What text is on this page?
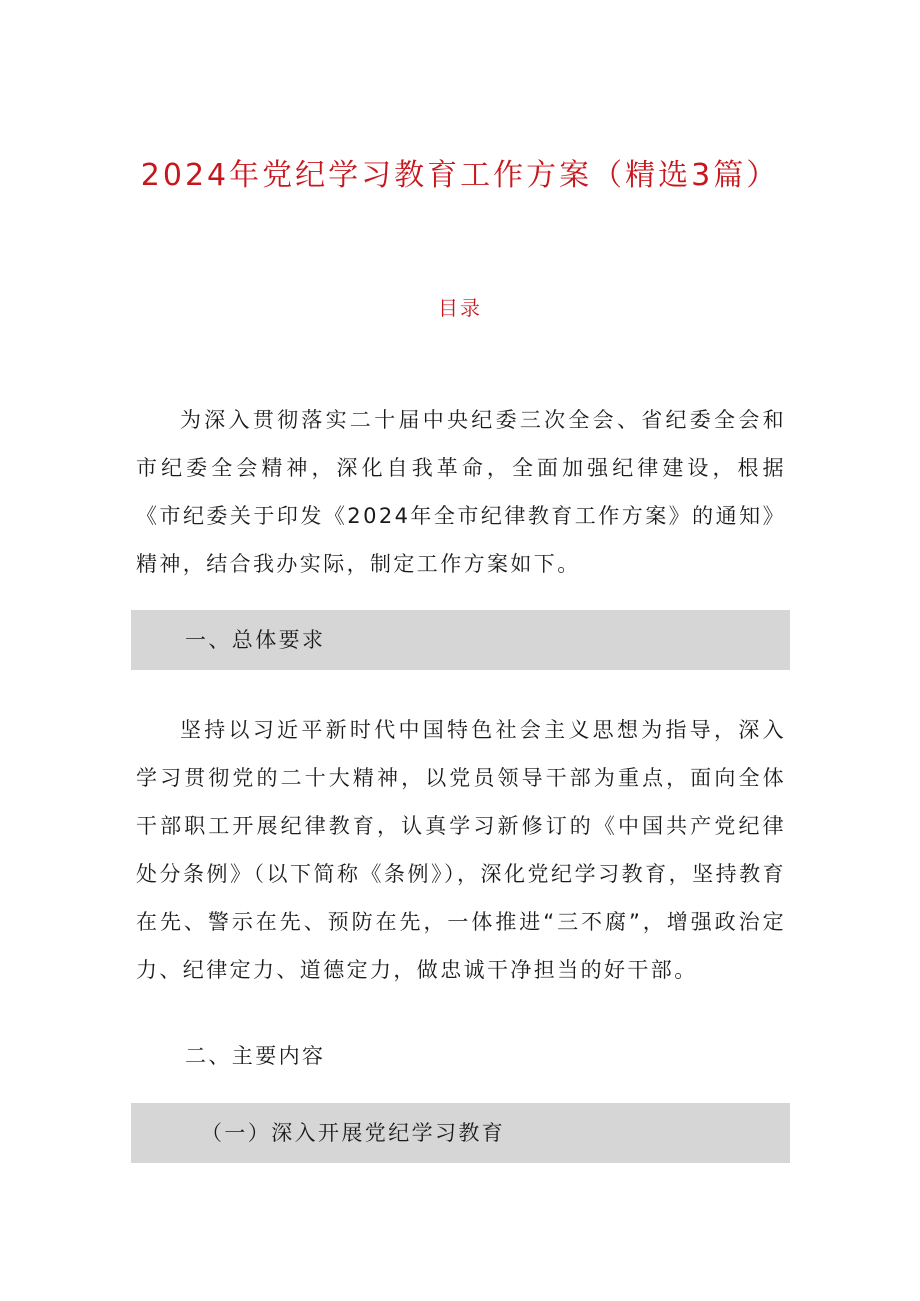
2024年党纪学习教育工作方案（精选3篇）
目录

为深入贯彻落实二十届中央纪委三次全会、省纪委全会和市纪委全会精神，深化自我革命，全面加强纪律建设，根据《市纪委关于印发《2024年全市纪律教育工作方案》的通知》精神，结合我办实际，制定工作方案如下。

一、总体要求

坚持以习近平新时代中国特色社会主义思想为指导，深入学习贯彻党的二十大精神，以党员领导干部为重点，面向全体干部职工开展纪律教育，认真学习新修订的《中国共产党纪律处分条例》（以下简称《条例》），深化党纪学习教育，坚持教育在先、警示在先、预防在先，一体推进“三不腐”，增强政治定力、纪律定力、道德定力，做忠诚干净担当的好干部。

二、主要内容
（一）深入开展党纪学习教育
